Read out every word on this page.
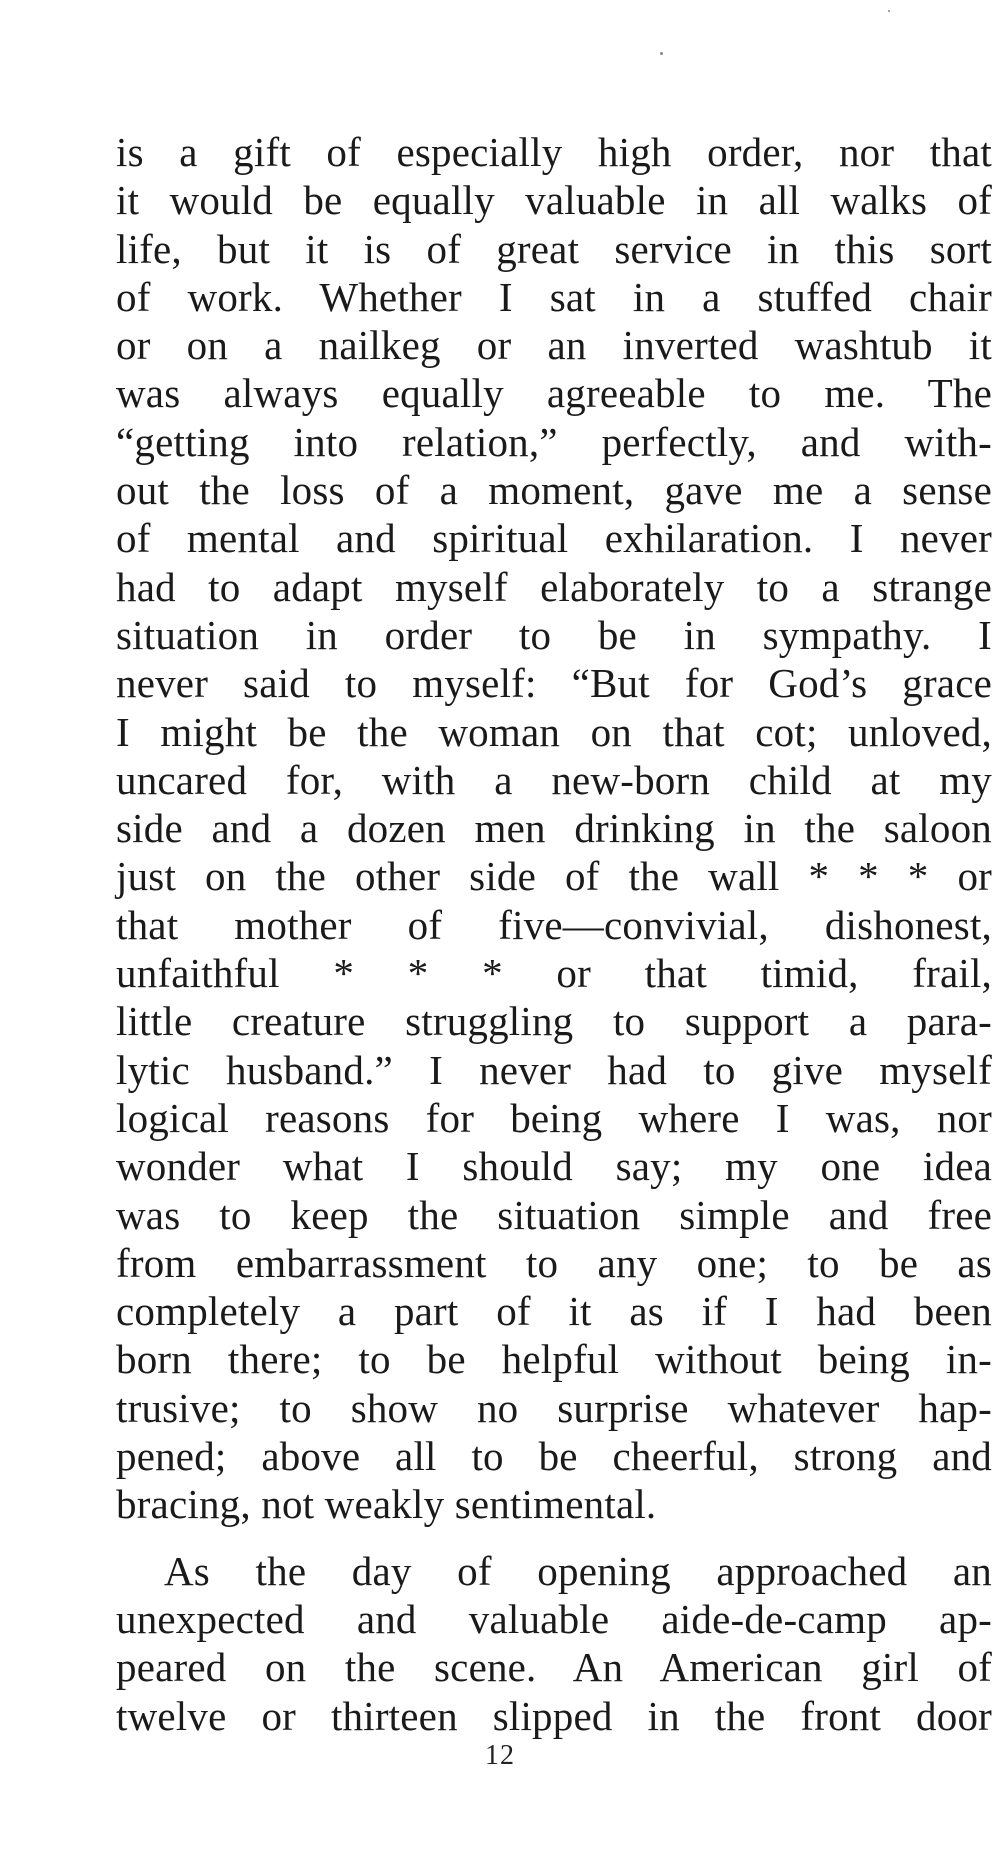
is a gift of especially high order, nor that
it would be equally valuable in all walks of
life, but it is of great service in this sort
of work. Whether I sat in a stuffed chair
or on a nailkeg or an inverted washtub it
was always equally agreeable to me. The
“getting into relation,” perfectly, and with-
out the loss of a moment, gave me a sense
of mental and spiritual exhilaration. I never
had to adapt myself elaborately to a strange
situation in order to be in sympathy. I
never said to myself: “But for God’s grace
I might be the woman on that cot; unloved,
uncared for, with a new-born child at my
side and a dozen men drinking in the saloon
just on the other side of the wall * * * or
that mother of five—convivial, dishonest,
unfaithful * * * or that timid, frail,
little creature struggling to support a para-
lytic husband.” I never had to give myself
logical reasons for being where I was, nor
wonder what I should say; my one idea
was to keep the situation simple and free
from embarrassment to any one; to be as
completely a part of it as if I had been
born there; to be helpful without being in-
trusive; to show no surprise whatever hap-
pened; above all to be cheerful, strong and
bracing, not weakly sentimental.
As the day of opening approached an
unexpected and valuable aide-de-camp ap-
peared on the scene. An American girl of
twelve or thirteen slipped in the front door
12
